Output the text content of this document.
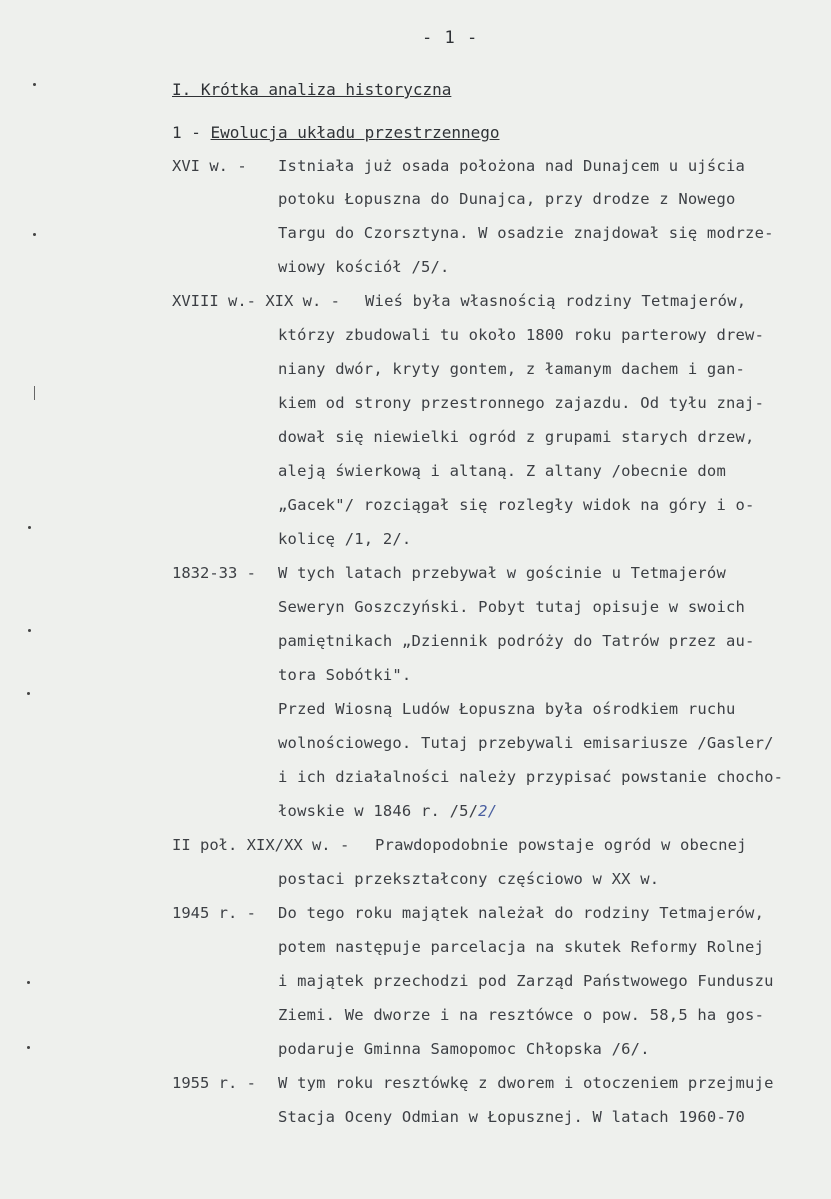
- 1 -
I. Krótka analiza historyczna
1 - Ewolucja układu przestrzennego
XVI w. - Istniała już osada położona nad Dunajcem u ujścia
potoku Łopuszna do Dunajca, przy drodze z Nowego
Targu do Czorsztyna. W osadzie znajdował się modrze-
wiowy kościół /5/.
XVIII w.- XIX w. - Wieś była własnością rodziny Tetmajerów,
którzy zbudowali tu około 1800 roku parterowy drew-
niany dwór, kryty gontem, z łamanym dachem i gan-
kiem od strony przestronnego zajazdu. Od tyłu znaj-
dował się niewielki ogród z grupami starych drzew,
aleją świerkową i altaną. Z altany /obecnie dom
„Gacek"/ rozciągał się rozległy widok na góry i o-
kolicę /1, 2/.
1832-33 - W tych latach przebywał w gościnie u Tetmajerów
Seweryn Goszczyński. Pobyt tutaj opisuje w swoich
pamiętnikach „Dziennik podróży do Tatrów przez au-
tora Sobótki".
Przed Wiosną Ludów Łopuszna była ośrodkiem ruchu
wolnościowego. Tutaj przebywali emisariusze /Gasler/
i ich działalności należy przypisać powstanie chocho-
łowskie w 1846 r. /5/2/
II poł. XIX/XX w. - Prawdopodobnie powstaje ogród w obecnej
postaci przekształcony częściowo w XX w.
1945 r. - Do tego roku majątek należał do rodziny Tetmajerów,
potem następuje parcelacja na skutek Reformy Rolnej
i majątek przechodzi pod Zarząd Państwowego Funduszu
Ziemi. We dworze i na resztówce o pow. 58,5 ha gos-
podaruje Gminna Samopomoc Chłopska /6/.
1955 r. - W tym roku resztówkę z dworem i otoczeniem przejmuje
Stacja Oceny Odmian w Łopusznej. W latach 1960-70
